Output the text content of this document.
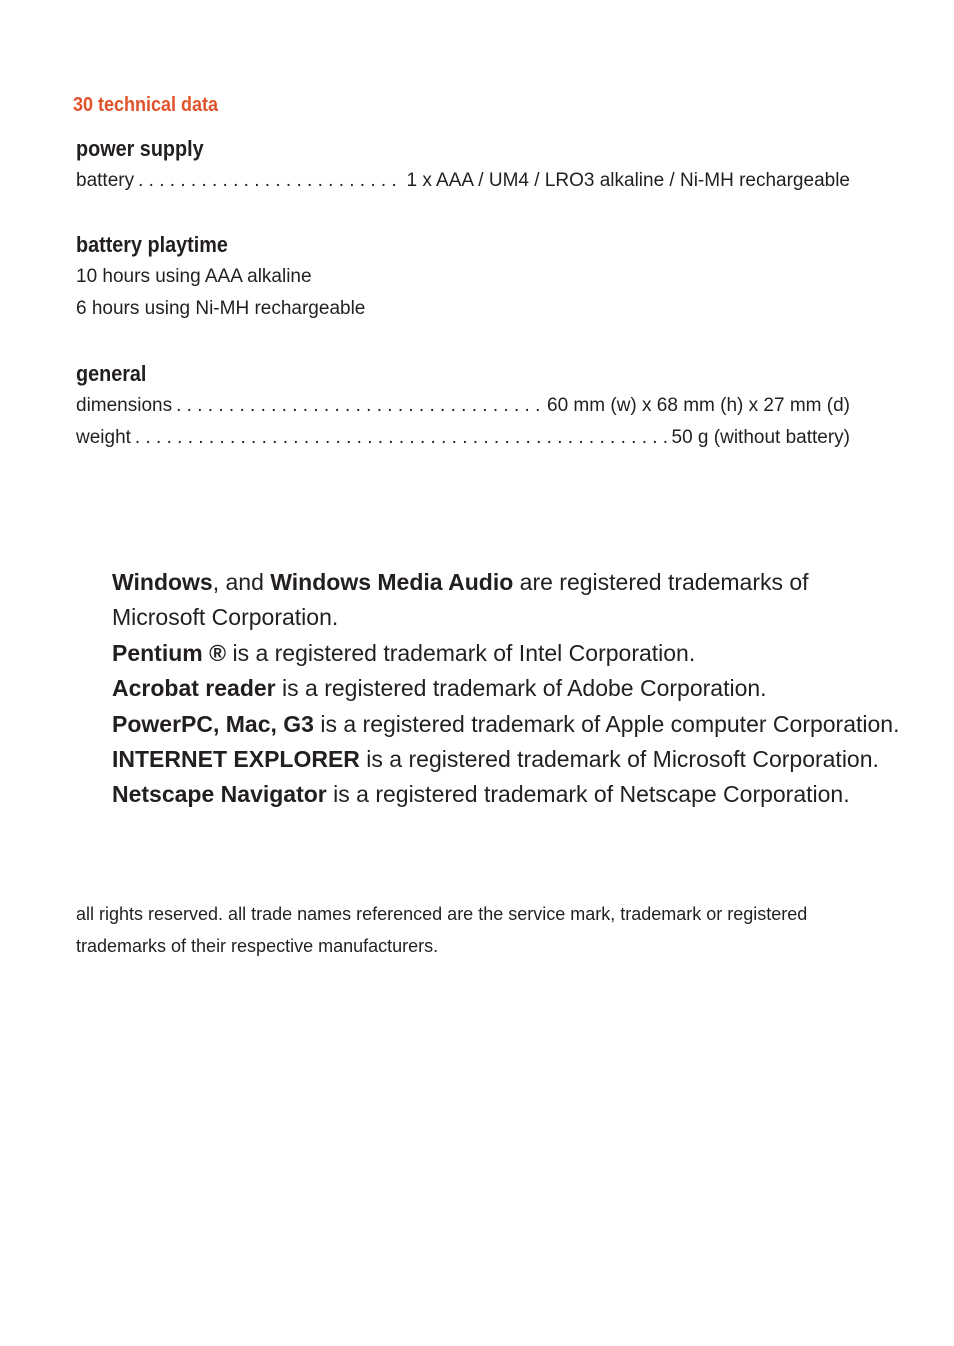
30 technical data
power supply
battery . . .	1 x AAA / UM4 / LRO3 alkaline / Ni-MH rechargeable
battery playtime
10 hours using AAA alkaline
6 hours using Ni-MH rechargeable
general
dimensions . . .	60 mm (w) x 68 mm (h) x 27 mm (d)
weight . . .	50 g (without battery)

Windows, and Windows Media Audio are registered trademarks of Microsoft Corporation.

Pentium ® is a registered trademark of Intel Corporation.

Acrobat reader is a registered trademark of Adobe Corporation.

PowerPC, Mac, G3 is a registered trademark of Apple computer Corporation.

INTERNET EXPLORER is a registered trademark of Microsoft Corporation.

Netscape Navigator is a registered trademark of Netscape Corporation.

all rights reserved. all trade names referenced are the service mark, trademark or registered trademarks of their respective manufacturers.
